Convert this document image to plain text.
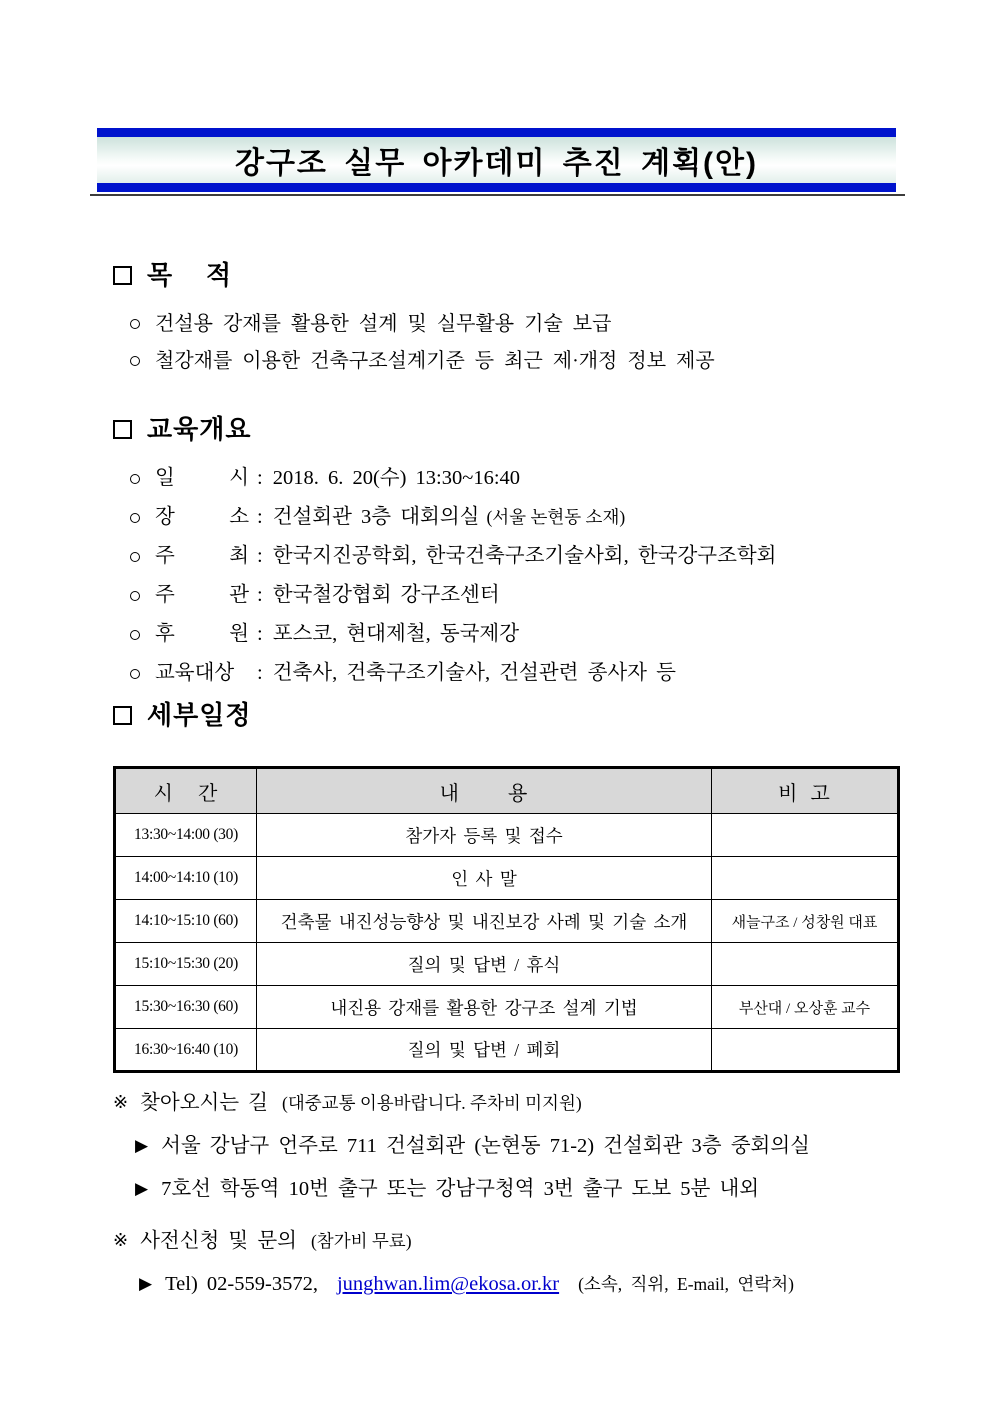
강구조 실무 아카데미 추진 계획(안)
목    적
건설용 강재를 활용한 설계 및 실무활용 기술 보급
철강재를 이용한 건축구조설계기준 등 최근 제·개정 정보 제공
교육개요
일 시 : 2018. 6. 20(수) 13:30~16:40
장 소 : 건설회관 3층 대회의실 (서울 논현동 소재)
주 최 : 한국지진공학회, 한국건축구조기술사회, 한국강구조학회
주 관 : 한국철강협회 강구조센터
후 원 : 포스코, 현대제철, 동국제강
교육대상	: 건축사, 건축구조기술사, 건설관련 종사자 등
세부일정
시    간	내        용	비  고
13:30~14:00 (30)	참가자 등록 및 접수	
14:00~14:10 (10)	인 사 말	
14:10~15:10 (60)	건축물 내진성능향상 및 내진보강 사례 및 기술 소개	새늘구조 / 성창원 대표
15:10~15:30 (20)	질의 및 답변 / 휴식	
15:30~16:30 (60)	내진용 강재를 활용한 강구조 설계 기법	부산대 / 오상훈 교수
16:30~16:40 (10)	질의 및 답변 / 폐회	
※ 찾아오시는 길 (대중교통 이용바랍니다. 주차비 미지원)
▶ 서울 강남구 언주로 711 건설회관 (논현동 71-2) 건설회관 3층 중회의실
▶ 7호선 학동역 10번 출구 또는 강남구청역 3번 출구 도보 5분 내외
※ 사전신청 및 문의 (참가비 무료)
▶ Tel) 02-559-3572, junghwan.lim@ekosa.or.kr (소속, 직위, E-mail, 연락처)
